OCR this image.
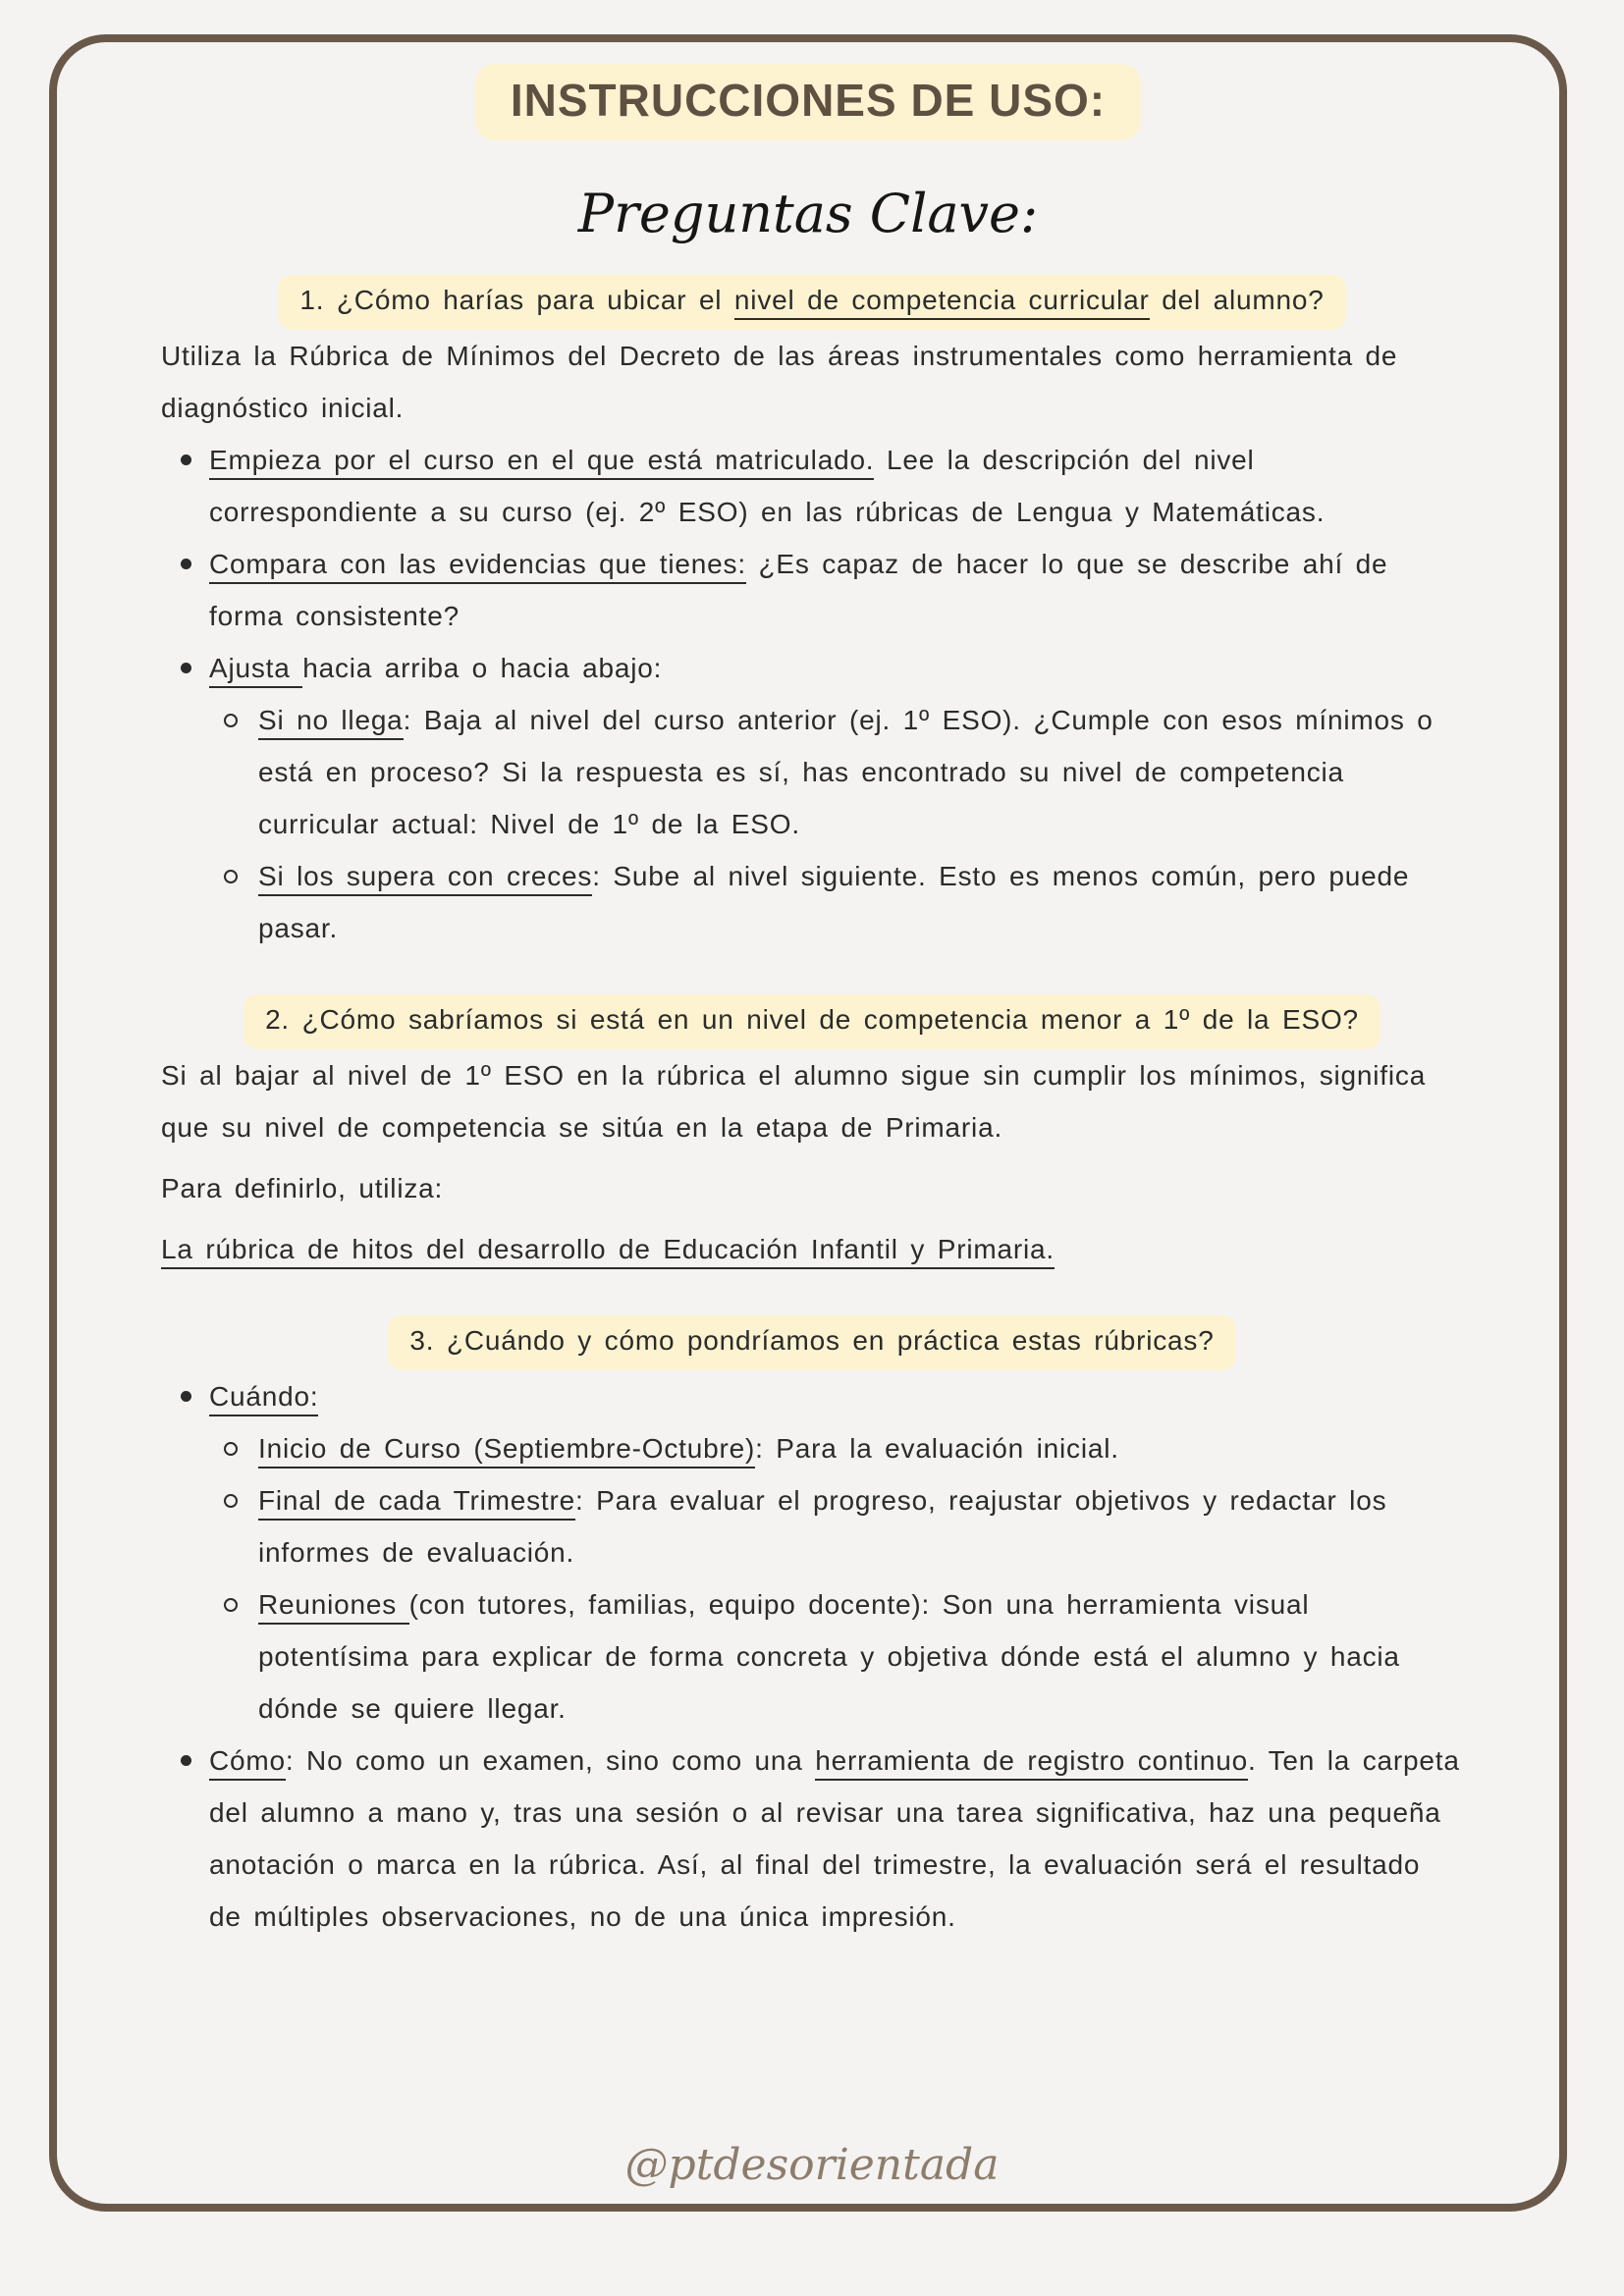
INSTRUCCIONES DE USO:
Preguntas Clave:
1. ¿Cómo harías para ubicar el nivel de competencia curricular del alumno?
Utiliza la Rúbrica de Mínimos del Decreto de las áreas instrumentales como herramienta de diagnóstico inicial.
Empieza por el curso en el que está matriculado. Lee la descripción del nivel correspondiente a su curso (ej. 2º ESO) en las rúbricas de Lengua y Matemáticas.
Compara con las evidencias que tienes: ¿Es capaz de hacer lo que se describe ahí de forma consistente?
Ajusta hacia arriba o hacia abajo:
Si no llega: Baja al nivel del curso anterior (ej. 1º ESO). ¿Cumple con esos mínimos o está en proceso? Si la respuesta es sí, has encontrado su nivel de competencia curricular actual: Nivel de 1º de la ESO.
Si los supera con creces: Sube al nivel siguiente. Esto es menos común, pero puede pasar.
2. ¿Cómo sabríamos si está en un nivel de competencia menor a 1º de la ESO?
Si al bajar al nivel de 1º ESO en la rúbrica el alumno sigue sin cumplir los mínimos, significa que su nivel de competencia se sitúa en la etapa de Primaria.
Para definirlo, utiliza:
La rúbrica de hitos del desarrollo de Educación Infantil y Primaria.
3. ¿Cuándo y cómo pondríamos en práctica estas rúbricas?
Cuándo:
Inicio de Curso (Septiembre-Octubre): Para la evaluación inicial.
Final de cada Trimestre: Para evaluar el progreso, reajustar objetivos y redactar los informes de evaluación.
Reuniones (con tutores, familias, equipo docente): Son una herramienta visual potentísima para explicar de forma concreta y objetiva dónde está el alumno y hacia dónde se quiere llegar.
Cómo: No como un examen, sino como una herramienta de registro continuo. Ten la carpeta del alumno a mano y, tras una sesión o al revisar una tarea significativa, haz una pequeña anotación o marca en la rúbrica. Así, al final del trimestre, la evaluación será el resultado de múltiples observaciones, no de una única impresión.
@ptdesorientada
